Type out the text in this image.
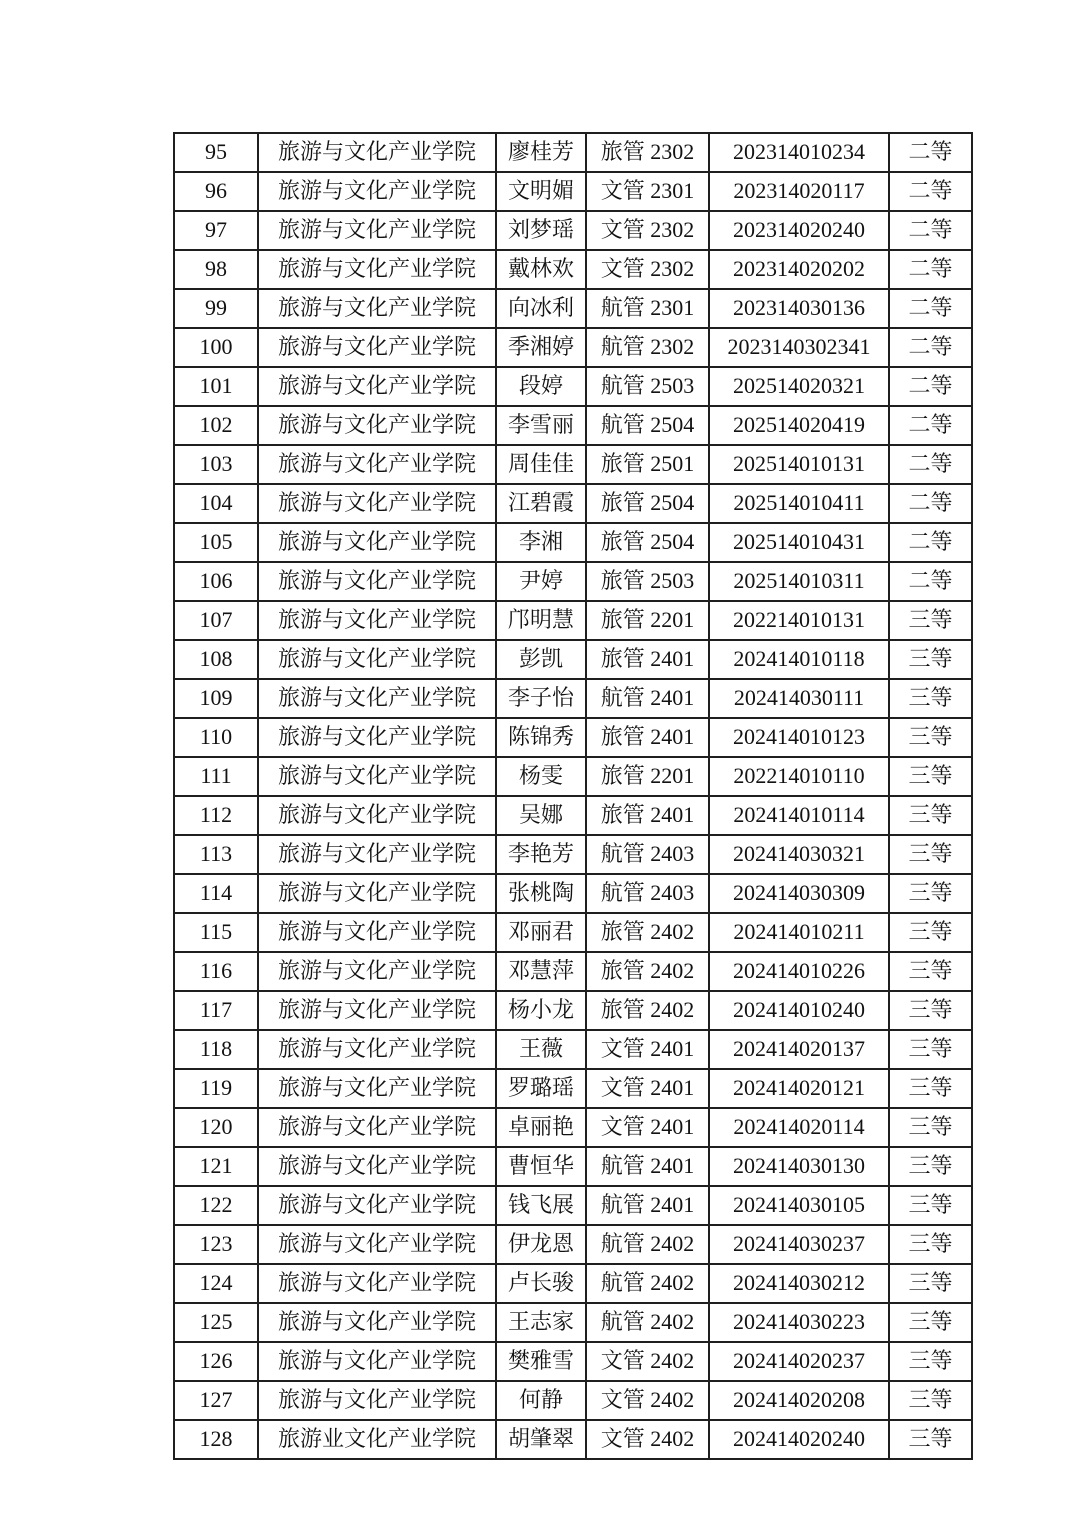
95	旅游与文化产业学院	廖桂芳	旅管 2302	202314010234	二等
96	旅游与文化产业学院	文明媚	文管 2301	202314020117	二等
97	旅游与文化产业学院	刘梦瑶	文管 2302	202314020240	二等
98	旅游与文化产业学院	戴林欢	文管 2302	202314020202	二等
99	旅游与文化产业学院	向冰利	航管 2301	202314030136	二等
100	旅游与文化产业学院	季湘婷	航管 2302	2023140302341	二等
101	旅游与文化产业学院	段婷	航管 2503	202514020321	二等
102	旅游与文化产业学院	李雪丽	航管 2504	202514020419	二等
103	旅游与文化产业学院	周佳佳	旅管 2501	202514010131	二等
104	旅游与文化产业学院	江碧霞	旅管 2504	202514010411	二等
105	旅游与文化产业学院	李湘	旅管 2504	202514010431	二等
106	旅游与文化产业学院	尹婷	旅管 2503	202514010311	二等
107	旅游与文化产业学院	邝明慧	旅管 2201	202214010131	三等
108	旅游与文化产业学院	彭凯	旅管 2401	202414010118	三等
109	旅游与文化产业学院	李子怡	航管 2401	202414030111	三等
110	旅游与文化产业学院	陈锦秀	旅管 2401	202414010123	三等
111	旅游与文化产业学院	杨雯	旅管 2201	202214010110	三等
112	旅游与文化产业学院	吴娜	旅管 2401	202414010114	三等
113	旅游与文化产业学院	李艳芳	航管 2403	202414030321	三等
114	旅游与文化产业学院	张桃陶	航管 2403	202414030309	三等
115	旅游与文化产业学院	邓丽君	旅管 2402	202414010211	三等
116	旅游与文化产业学院	邓慧萍	旅管 2402	202414010226	三等
117	旅游与文化产业学院	杨小龙	旅管 2402	202414010240	三等
118	旅游与文化产业学院	王薇	文管 2401	202414020137	三等
119	旅游与文化产业学院	罗璐瑶	文管 2401	202414020121	三等
120	旅游与文化产业学院	卓丽艳	文管 2401	202414020114	三等
121	旅游与文化产业学院	曹恒华	航管 2401	202414030130	三等
122	旅游与文化产业学院	钱飞展	航管 2401	202414030105	三等
123	旅游与文化产业学院	伊龙恩	航管 2402	202414030237	三等
124	旅游与文化产业学院	卢长骏	航管 2402	202414030212	三等
125	旅游与文化产业学院	王志家	航管 2402	202414030223	三等
126	旅游与文化产业学院	樊雅雪	文管 2402	202414020237	三等
127	旅游与文化产业学院	何静	文管 2402	202414020208	三等
128	旅游业文化产业学院	胡肇翠	文管 2402	202414020240	三等
